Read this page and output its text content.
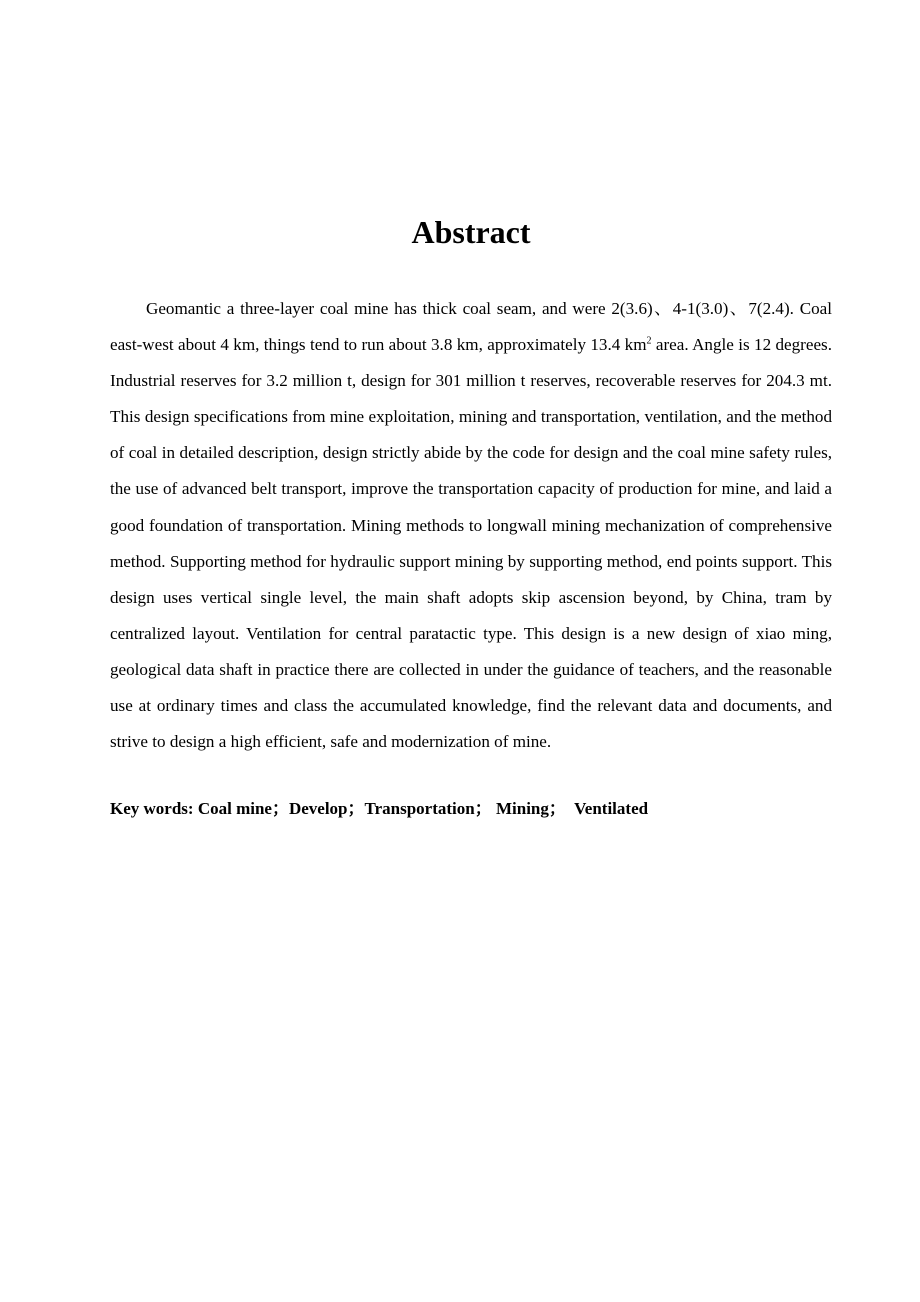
Abstract

Geomantic a three-layer coal mine has thick coal seam, and were 2(3.6)、4-1(3.0)、7(2.4). Coal east-west about 4 km, things tend to run about 3.8 km, approximately 13.4 $km^2$ area. Angle is 12 degrees. Industrial reserves for 3.2 million t, design for 301 million t reserves, recoverable reserves for 204.3 mt. This design specifications from mine exploitation, mining and transportation, ventilation, and the method of coal in detailed description, design strictly abide by the code for design and the coal mine safety rules, the use of advanced belt transport, improve the transportation capacity of production for mine, and laid a good foundation of transportation. Mining methods to longwall mining mechanization of comprehensive method. Supporting method for hydraulic support mining by supporting method, end points support. This design uses vertical single level, the main shaft adopts skip ascension beyond, by China, tram by centralized layout. Ventilation for central paratactic type. This design is a new design of xiao ming, geological data shaft in practice there are collected in under the guidance of teachers, and the reasonable use at ordinary times and class the accumulated knowledge, find the relevant data and documents, and strive to design a high efficient, safe and modernization of mine.

Key words: Coal mine；Develop；Transportation； Mining；  Ventilated
